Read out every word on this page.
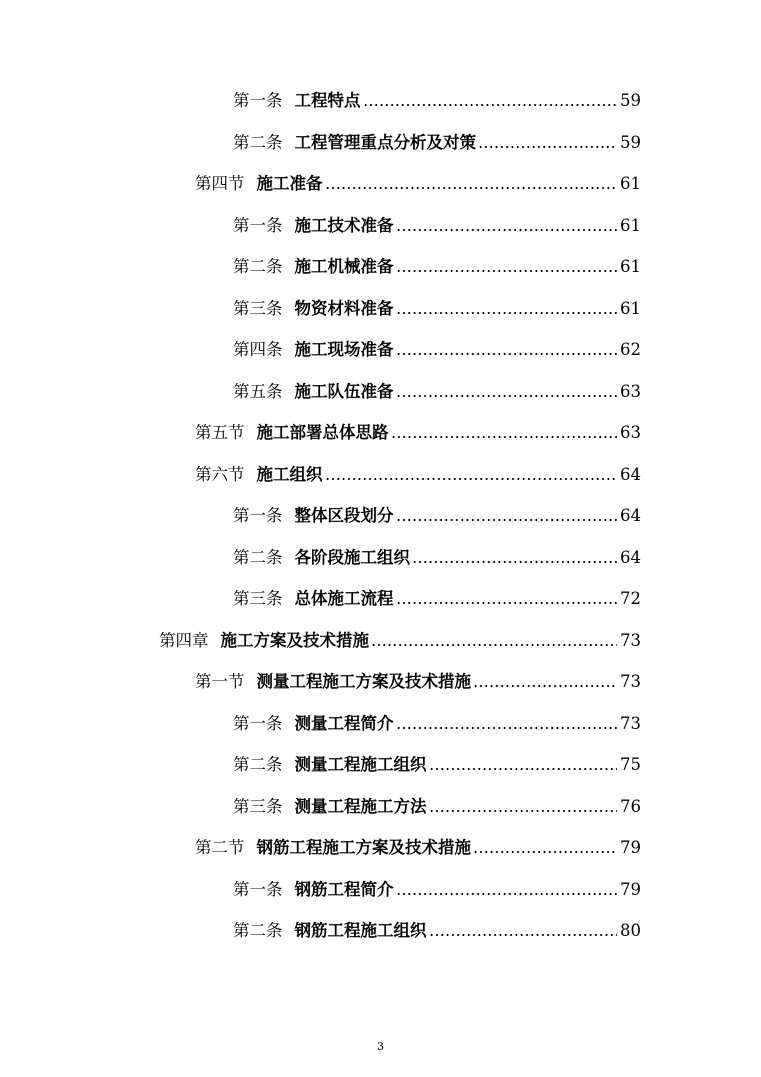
第一条 工程特点	59
第二条 工程管理重点分析及对策	59
第四节 施工准备	61
第一条 施工技术准备	61
第二条 施工机械准备	61
第三条 物资材料准备	61
第四条 施工现场准备	62
第五条 施工队伍准备	63
第五节 施工部署总体思路	63
第六节 施工组织	64
第一条 整体区段划分	64
第二条 各阶段施工组织	64
第三条 总体施工流程	72
第四章 施工方案及技术措施	73
第一节 测量工程施工方案及技术措施	73
第一条 测量工程简介	73
第二条 测量工程施工组织	75
第三条 测量工程施工方法	76
第二节 钢筋工程施工方案及技术措施	79
第一条 钢筋工程简介	79
第二条 钢筋工程施工组织	80
3
